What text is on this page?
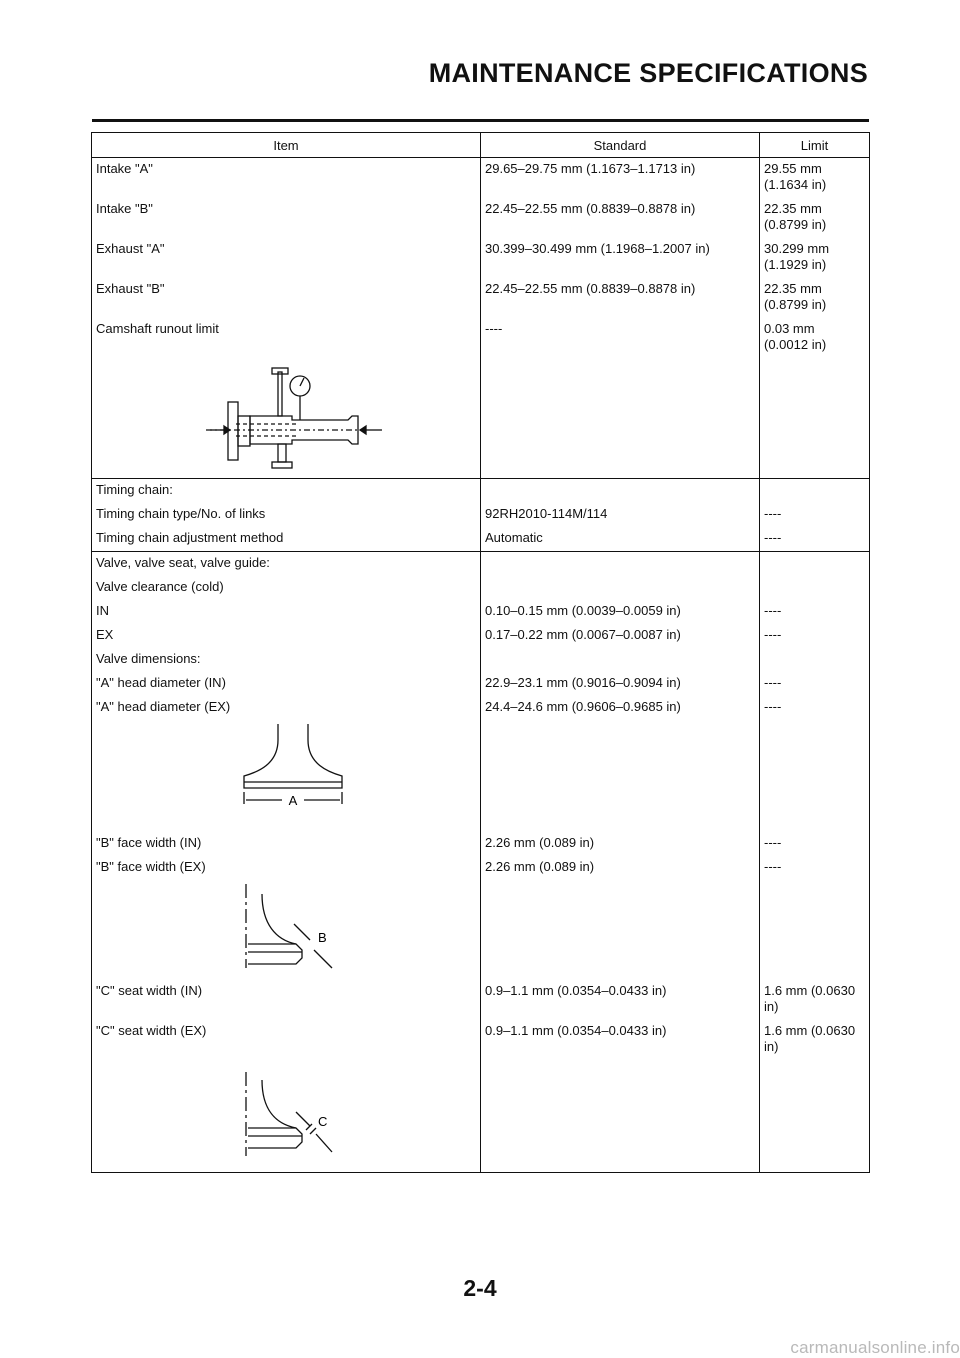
MAINTENANCE SPECIFICATIONS
Item	Standard	Limit
Intake "A"	29.65–29.75 mm (1.1673–1.1713 in)	29.55 mm
(1.1634 in)

Intake "B"	22.45–22.55 mm (0.8839–0.8878 in)	22.35 mm
(0.8799 in)

Exhaust "A"	30.399–30.499 mm (1.1968–1.2007 in)	30.299 mm
(1.1929 in)

Exhaust "B"	22.45–22.55 mm (0.8839–0.8878 in)	22.35 mm
(0.8799 in)

Camshaft runout limit	----	0.03 mm
(0.0012 in)

Timing chain:		
Timing chain type/No. of links	92RH2010-114M/114	----
Timing chain adjustment method	Automatic	----
Valve, valve seat, valve guide:		
Valve clearance (cold)		
IN	0.10–0.15 mm (0.0039–0.0059 in)	----
EX	0.17–0.22 mm (0.0067–0.0087 in)	----
Valve dimensions:		
"A" head diameter (IN)	22.9–23.1 mm (0.9016–0.9094 in)	----
"A" head diameter (EX)	24.4–24.6 mm (0.9606–0.9685 in)	----

A		

"B" face width (IN)	2.26 mm (0.089 in)	----
"B" face width (EX)	2.26 mm (0.089 in)	----

B		

"C" seat width (IN)	0.9–1.1 mm (0.0354–0.0433 in)	1.6 mm (0.0630
in)

"C" seat width (EX)	0.9–1.1 mm (0.0354–0.0433 in)	1.6 mm (0.0630
in)

C		

2-4
carmanualsonline.info
